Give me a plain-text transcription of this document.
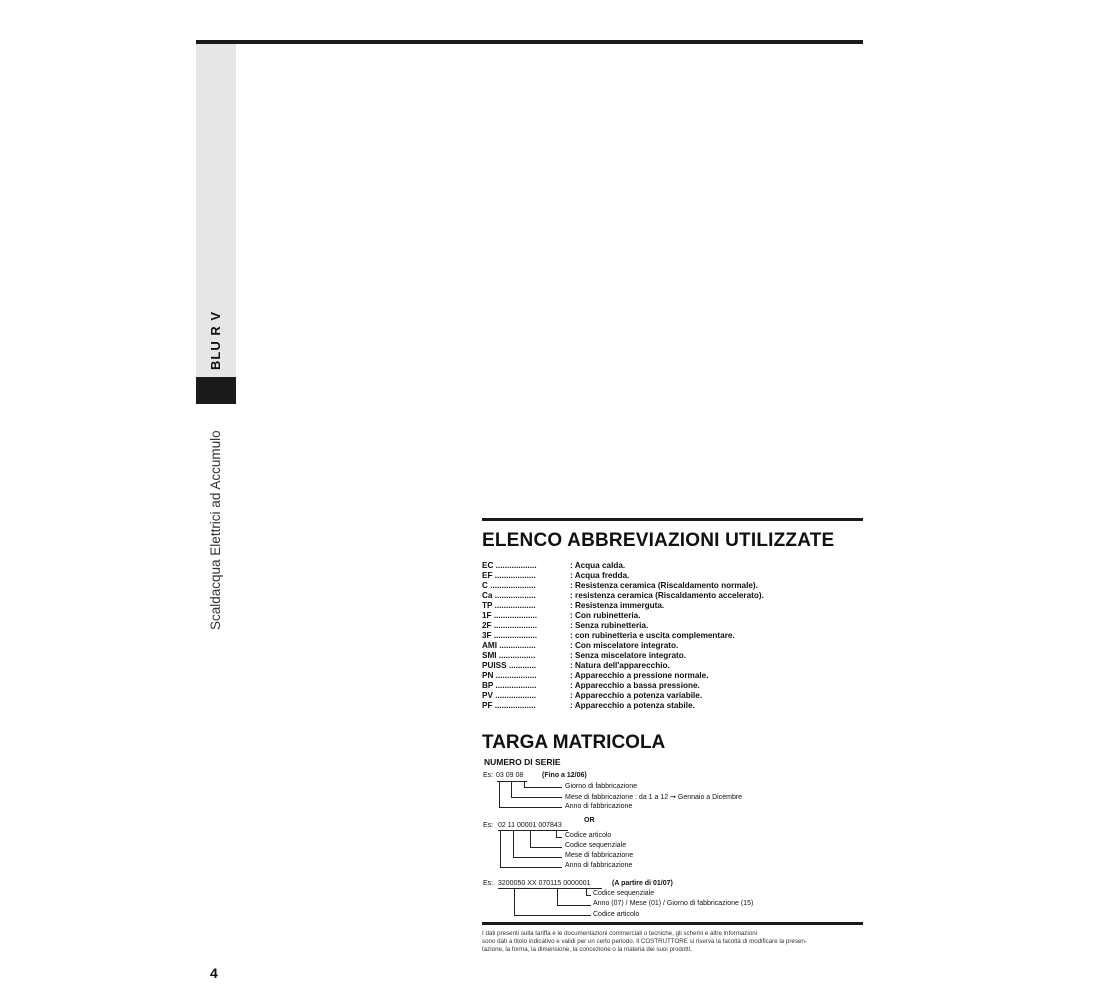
BLU R V
Scaldacqua Elettrici ad Accumulo
4
ELENCO ABBREVIAZIONI UTILIZZATE
EC ..................	: Acqua calda.
EF ..................	: Acqua fredda.
C ....................	: Resistenza ceramica (Riscaldamento normale).
Ca ..................	: resistenza ceramica (Riscaldamento accelerato).
TP ..................	: Resistenza immerguta.
1F ...................	: Con rubinetteria.
2F ...................	: Senza rubinetteria.
3F ...................	: con rubinetteria e uscita complementare.
AMI ................	: Con miscelatore integrato.
SMI ................	: Senza miscelatore integrato.
PUISS ............	: Natura dell'apparecchio.
PN ..................	: Apparecchio a pressione normale.
BP ..................	: Apparecchio a bassa pressione.
PV ..................	: Apparecchio a potenza variabile.
PF ..................	: Apparecchio a potenza stabile.
TARGA MATRICOLA
NUMERO DI SERIE
Es: 03 09 08	(Fino a 12/06)
Giorno di fabbricazione
Mese di fabbricazione : da 1 a 12 ➞ Gennaio a Dicembre
Anno di fabbricazione
OR
Es: 02 11 00001 007843
Codice articolo
Codice sequenziale
Mese di fabbricazione
Anno di fabbricazione
Es: 3200050 XX 070115 0000001	(A partire di 01/07)
Codice sequenziale
Anno (07) / Mese (01) / Giorno di fabbricazione (15)
Codice articolo
I dati presenti sulla tariffa e le documentazioni commerciali o tecniche, gli schemi e altre informazioni
sono dati a titolo indicativo e validi per un certo periodo. Il COSTRUTTORE si riserva la facoltà di modificare la presen-
tazione, la forma, la dimensione, la concezione o la materia dei suoi prodotti.
